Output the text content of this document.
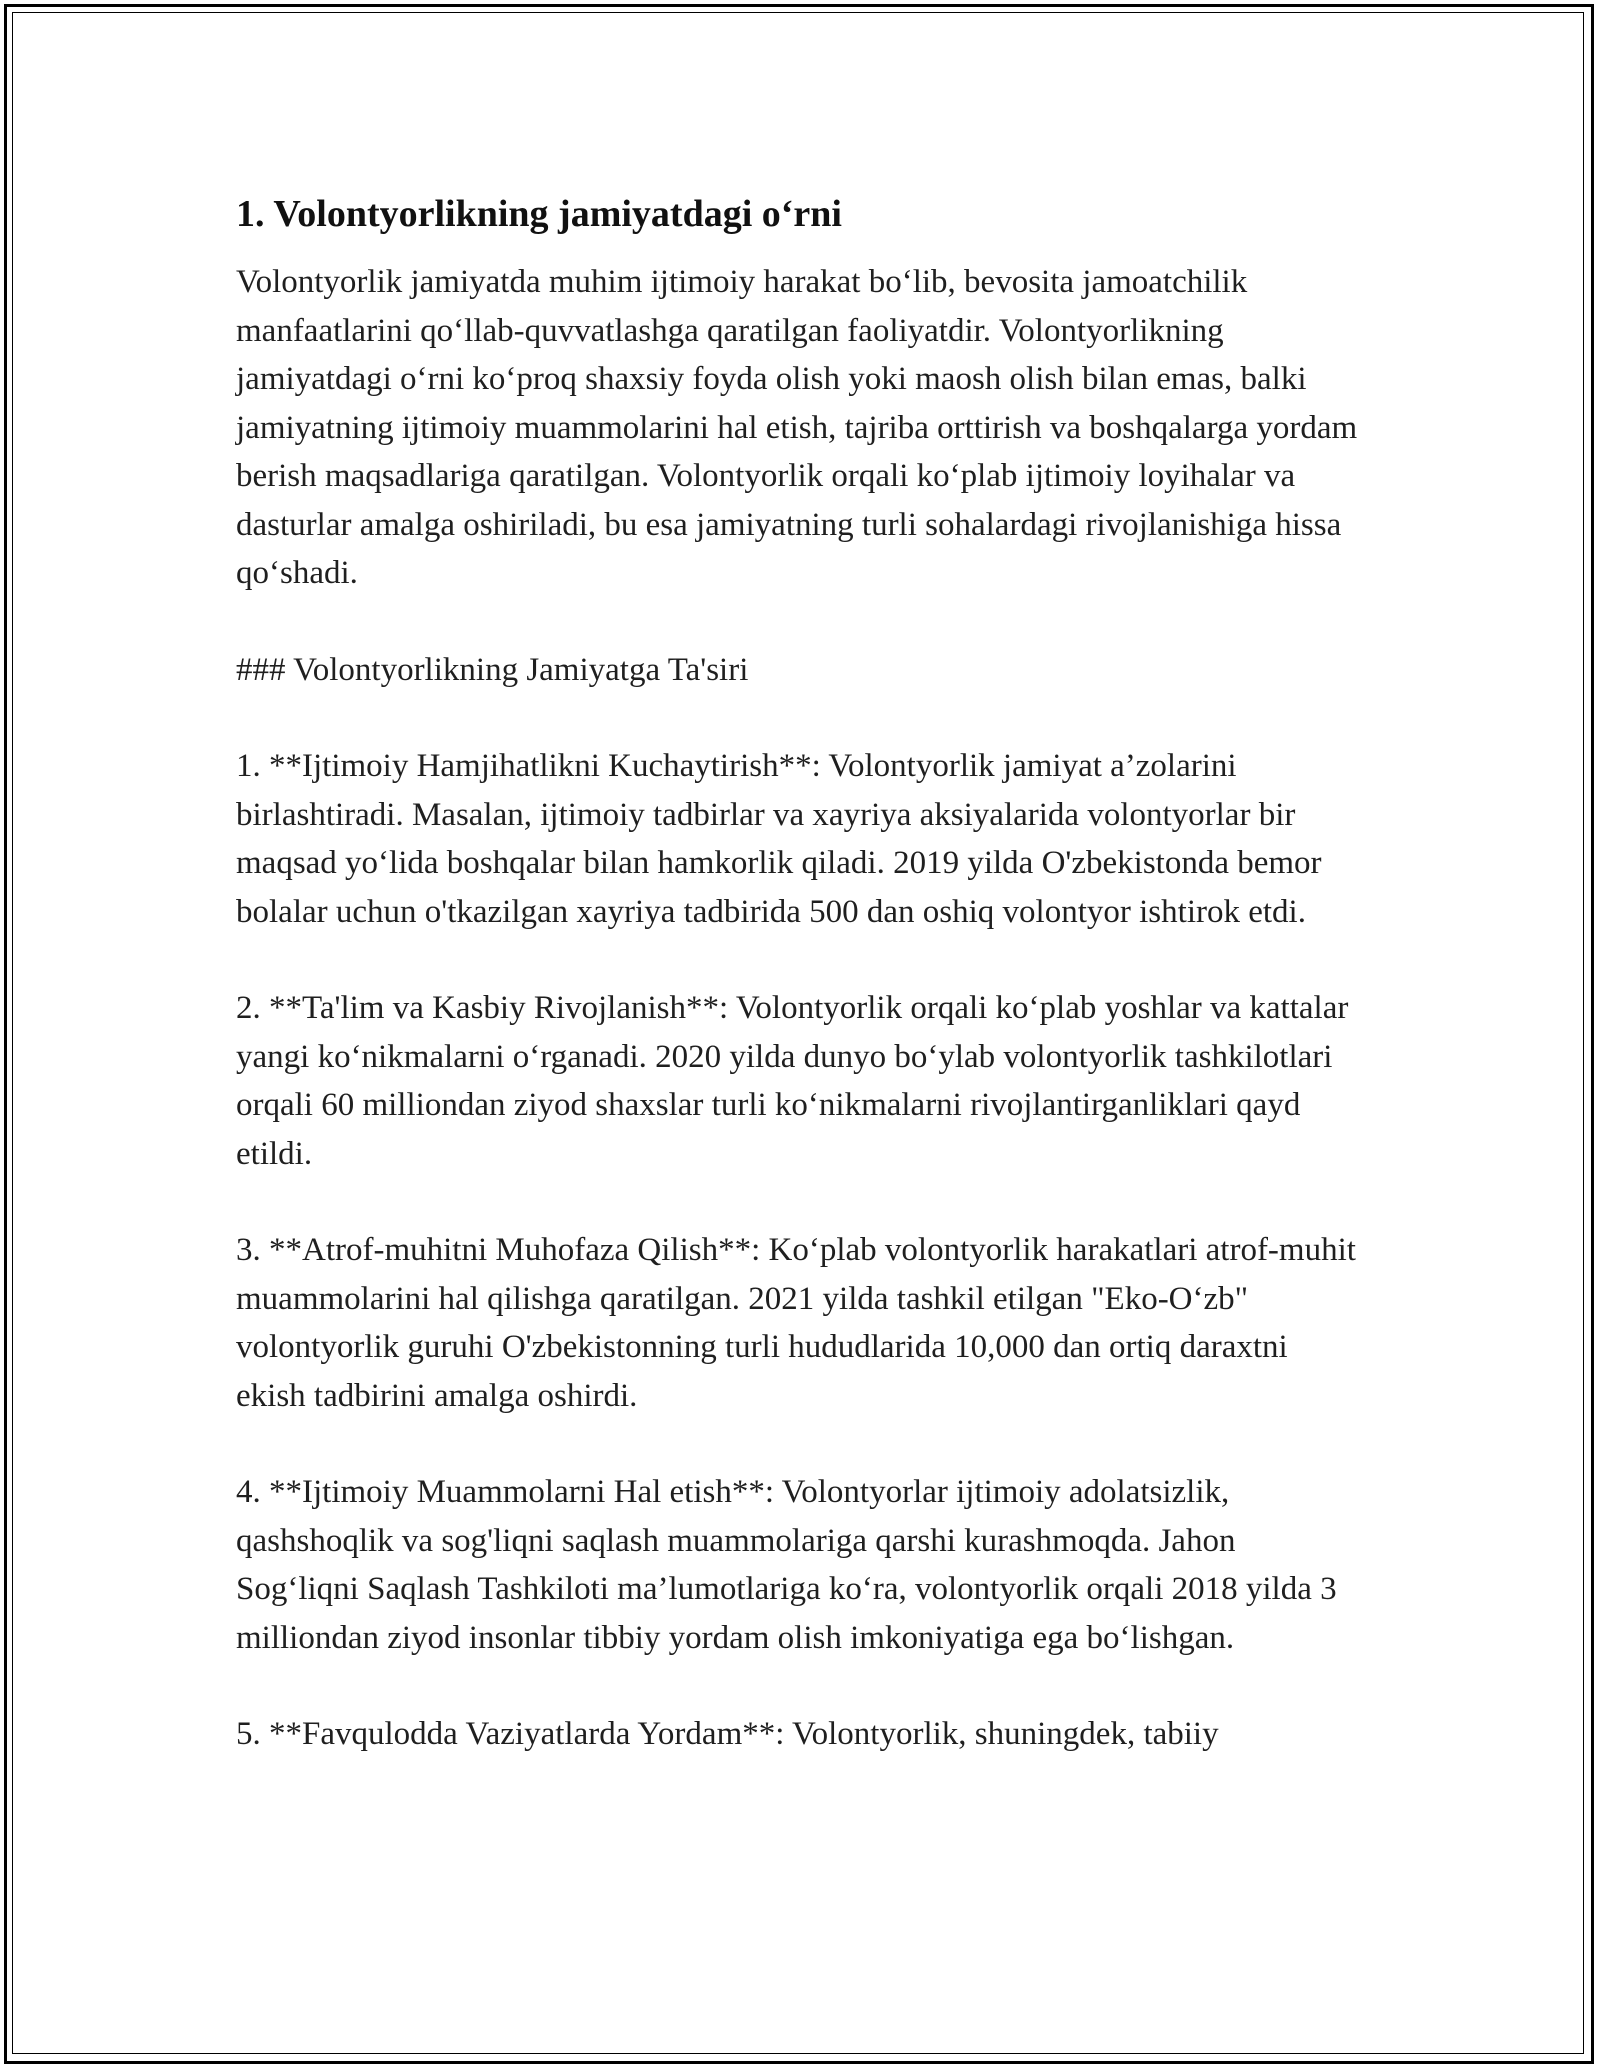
1. Volontyorlikning jamiyatdagi o‘rni

Volontyorlik jamiyatda muhim ijtimoiy harakat bo‘lib, bevosita jamoatchilik manfaatlarini qo‘llab-quvvatlashga qaratilgan faoliyatdir. Volontyorlikning jamiyatdagi o‘rni ko‘proq shaxsiy foyda olish yoki maosh olish bilan emas, balki jamiyatning ijtimoiy muammolarini hal etish, tajriba orttirish va boshqalarga yordam berish maqsadlariga qaratilgan. Volontyorlik orqali ko‘plab ijtimoiy loyihalar va dasturlar amalga oshiriladi, bu esa jamiyatning turli sohalardagi rivojlanishiga hissa qo‘shadi.

### Volontyorlikning Jamiyatga Ta'siri

1. **Ijtimoiy Hamjihatlikni Kuchaytirish**: Volontyorlik jamiyat a’zolarini birlashtiradi. Masalan, ijtimoiy tadbirlar va xayriya aksiyalarida volontyorlar bir maqsad yo‘lida boshqalar bilan hamkorlik qiladi. 2019 yilda O'zbekistonda bemor bolalar uchun o'tkazilgan xayriya tadbirida 500 dan oshiq volontyor ishtirok etdi.

2. **Ta'lim va Kasbiy Rivojlanish**: Volontyorlik orqali ko‘plab yoshlar va kattalar yangi ko‘nikmalarni o‘rganadi. 2020 yilda dunyo bo‘ylab volontyorlik tashkilotlari orqali 60 milliondan ziyod shaxslar turli ko‘nikmalarni rivojlantirganliklari qayd etildi.

3. **Atrof-muhitni Muhofaza Qilish**: Ko‘plab volontyorlik harakatlari atrof-muhit muammolarini hal qilishga qaratilgan. 2021 yilda tashkil etilgan "Eko-O‘zb" volontyorlik guruhi O'zbekistonning turli hududlarida 10,000 dan ortiq daraxtni ekish tadbirini amalga oshirdi.

4. **Ijtimoiy Muammolarni Hal etish**: Volontyorlar ijtimoiy adolatsizlik, qashshoqlik va sog'liqni saqlash muammolariga qarshi kurashmoqda. Jahon Sog‘liqni Saqlash Tashkiloti ma’lumotlariga ko‘ra, volontyorlik orqali 2018 yilda 3 milliondan ziyod insonlar tibbiy yordam olish imkoniyatiga ega bo‘lishgan.

5. **Favqulodda Vaziyatlarda Yordam**: Volontyorlik, shuningdek, tabiiy
